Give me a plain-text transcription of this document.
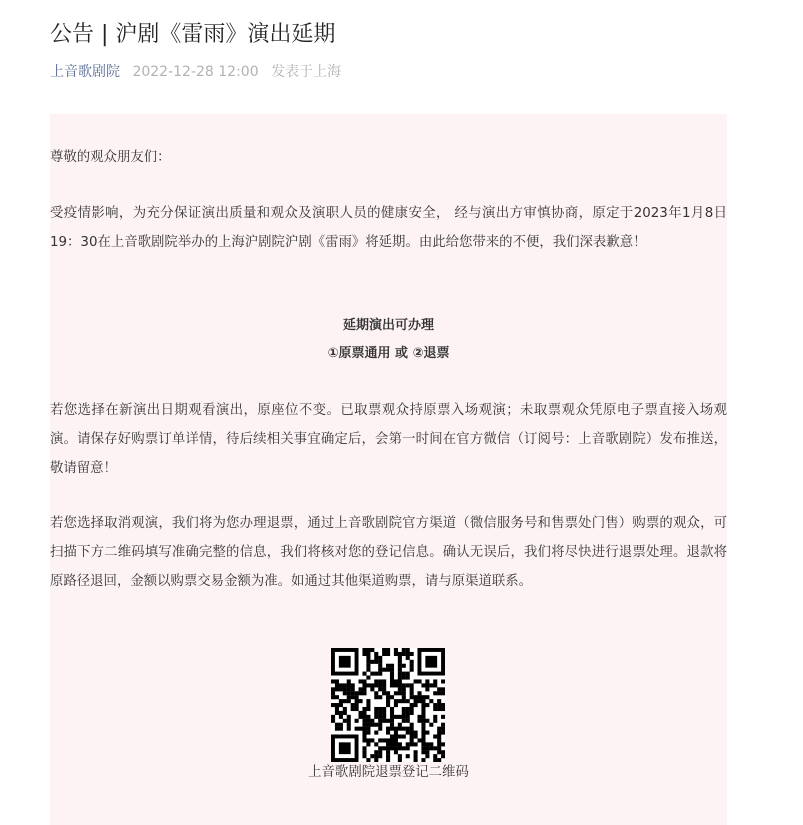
公告 | 沪剧《雷雨》演出延期
上音歌剧院 2022-12-28 12:00 发表于上海

尊敬的观众朋友们：

受疫情影响，为充分保证演出质量和观众及演职人员的健康安全， 经与演出方审慎协商，原定于2023年1月8日19：30在上音歌剧院举办的上海沪剧院沪剧《雷雨》将延期。由此给您带来的不便，我们深表歉意！

延期演出可办理
①原票通用 或 ②退票

若您选择在新演出日期观看演出，原座位不变。已取票观众持原票入场观演；未取票观众凭原电子票直接入场观演。请保存好购票订单详情，待后续相关事宜确定后，会第一时间在官方微信（订阅号：上音歌剧院）发布推送，敬请留意！

若您选择取消观演，我们将为您办理退票，通过上音歌剧院官方渠道（微信服务号和售票处门售）购票的观众，可扫描下方二维码填写准确完整的信息，我们将核对您的登记信息。确认无误后，我们将尽快进行退票处理。退款将原路径退回，金额以购票交易金额为准。如通过其他渠道购票，请与原渠道联系。

上音歌剧院退票登记二维码
